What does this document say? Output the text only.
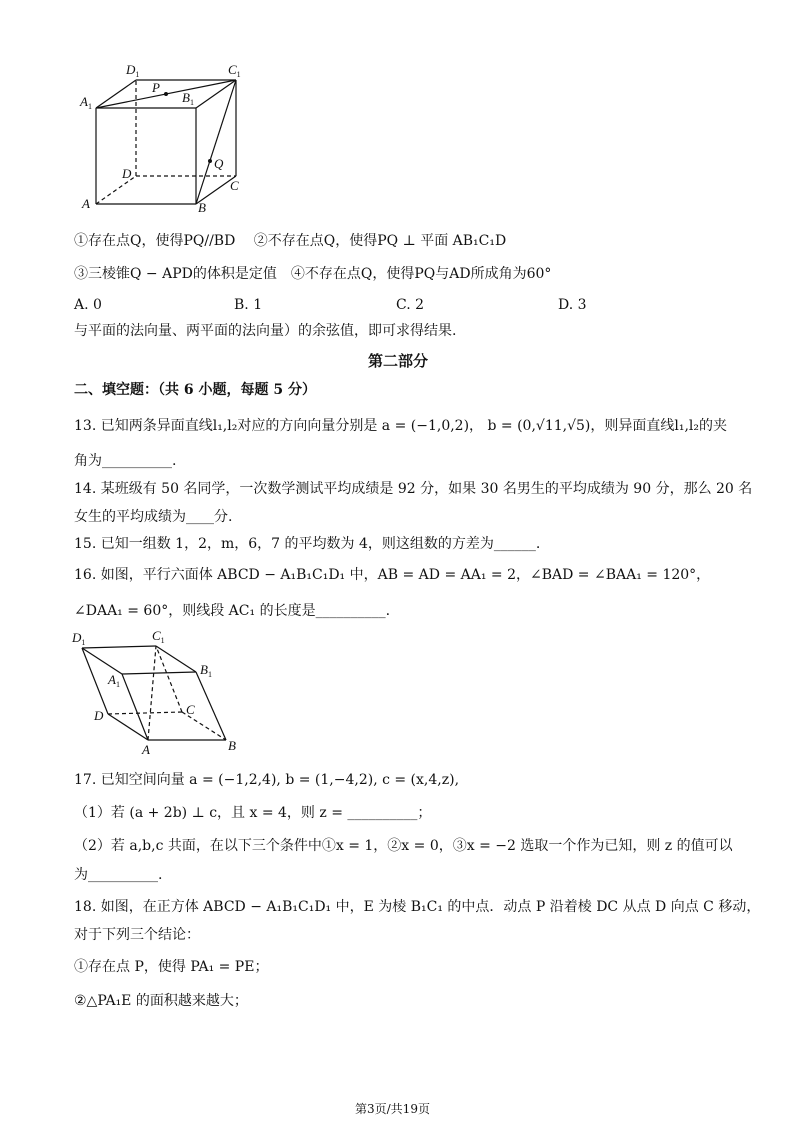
$D_1$	$C_1$
$A_1$
P
$B_1$
Q
D
C
A	B
①存在点Q，使得PQ//BD　 ②不存在点Q，使得PQ ⊥ 平面 AB₁C₁D
③三棱锥Q − APD的体积是定值　④不存在点Q，使得PQ与AD所成角为60°
A. 0	B. 1	C. 2	D. 3
与平面的法向量、两平面的法向量）的余弦值，即可求得结果.
第二部分
二、填空题：（共 6 小题，每题 5 分）
13. 已知两条异面直线l₁,l₂对应的方向向量分别是 a = (−1,0,2)， b = (0,√11,√5)，则异面直线l₁,l₂的夹
角为__________.
14. 某班级有 50 名同学，一次数学测试平均成绩是 92 分，如果 30 名男生的平均成绩为 90 分，那么 20 名
女生的平均成绩为____分.
15. 已知一组数 1，2，m，6，7 的平均数为 4，则这组数的方差为______.
16. 如图，平行六面体 ABCD − A₁B₁C₁D₁ 中，AB = AD = AA₁ = 2，∠BAD = ∠BAA₁ = 120°，
∠DAA₁ = 60°，则线段 AC₁ 的长度是__________.
$D_1$	$C_1$
$B_1$
$A_1$
D	C
A	B
17. 已知空间向量 a = (−1,2,4), b = (1,−4,2), c = (x,4,z),
（1）若 (a + 2b) ⊥ c，且 x = 4，则 z = __________；
（2）若 a,b,c 共面，在以下三个条件中①x = 1，②x = 0，③x = −2 选取一个作为已知，则 z 的值可以
为__________.
18. 如图，在正方体 ABCD − A₁B₁C₁D₁ 中，E 为棱 B₁C₁ 的中点．动点 P 沿着棱 DC 从点 D 向点 C 移动，
对于下列三个结论：
①存在点 P，使得 PA₁ = PE；
②△PA₁E 的面积越来越大；
第3页/共19页
